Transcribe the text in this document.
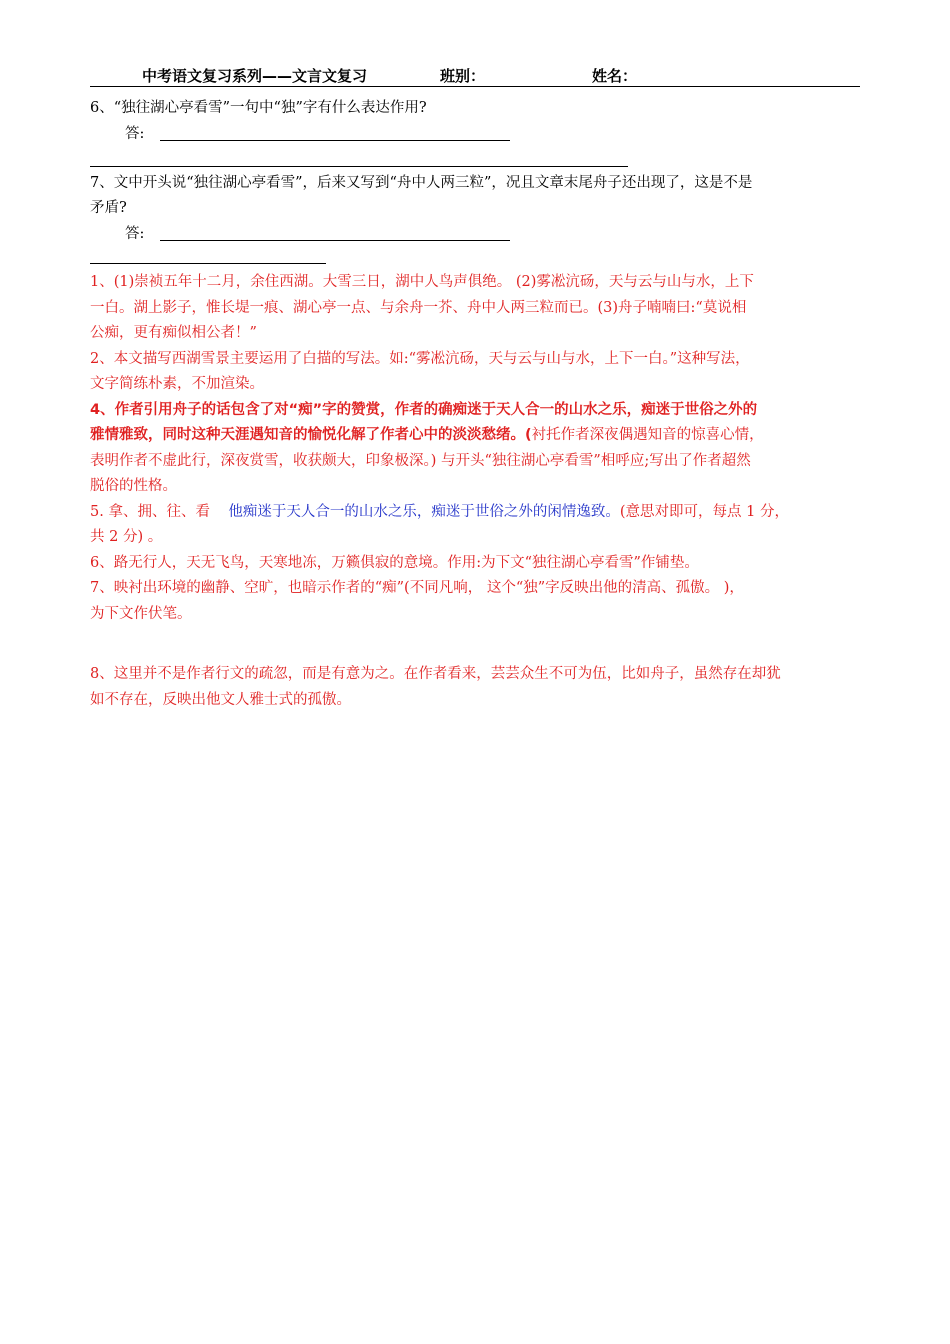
中考语文复习系列——文言文复习	班别：	姓名：
6、“独往湖心亭看雪”一句中“独”字有什么表达作用?
答:
7、文中开头说“独往湖心亭看雪”，后来又写到“舟中人两三粒”，况且文章末尾舟子还出现了，这是不是
矛盾?
答:

1、(1)崇祯五年十二月，余住西湖。大雪三日，湖中人鸟声俱绝。 (2)雾凇沆砀，天与云与山与水，上下

一白。湖上影子，惟长堤一痕、湖心亭一点、与余舟一芥、舟中人两三粒而已。(3)舟子喃喃曰:“莫说相

公痴，更有痴似相公者！”

2、本文描写西湖雪景主要运用了白描的写法。如:“雾凇沆砀，天与云与山与水，上下一白。”这种写法，

文字简练朴素，不加渲染。

4、作者引用舟子的话包含了对“痴”字的赞赏，作者的确痴迷于天人合一的山水之乐，痴迷于世俗之外的

雅情雅致，同时这种天涯遇知音的愉悦化解了作者心中的淡淡愁绪。(衬托作者深夜偶遇知音的惊喜心情，

表明作者不虚此行，深夜赏雪，收获颇大，印象极深。) 与开头“独往湖心亭看雪”相呼应;写出了作者超然

脱俗的性格。

5. 拿、拥、往、看 他痴迷于天人合一的山水之乐，痴迷于世俗之外的闲情逸致。(意思对即可，每点 1 分，

共 2 分) 。

6、路无行人，天无飞鸟，天寒地冻，万籁俱寂的意境。作用:为下文“独往湖心亭看雪”作铺垫。

7、映衬出环境的幽静、空旷，也暗示作者的“痴”(不同凡响， 这个“独”字反映出他的清高、孤傲。 )，

为下文作伏笔。

8、这里并不是作者行文的疏忽，而是有意为之。在作者看来，芸芸众生不可为伍，比如舟子，虽然存在却犹

如不存在，反映出他文人雅士式的孤傲。
